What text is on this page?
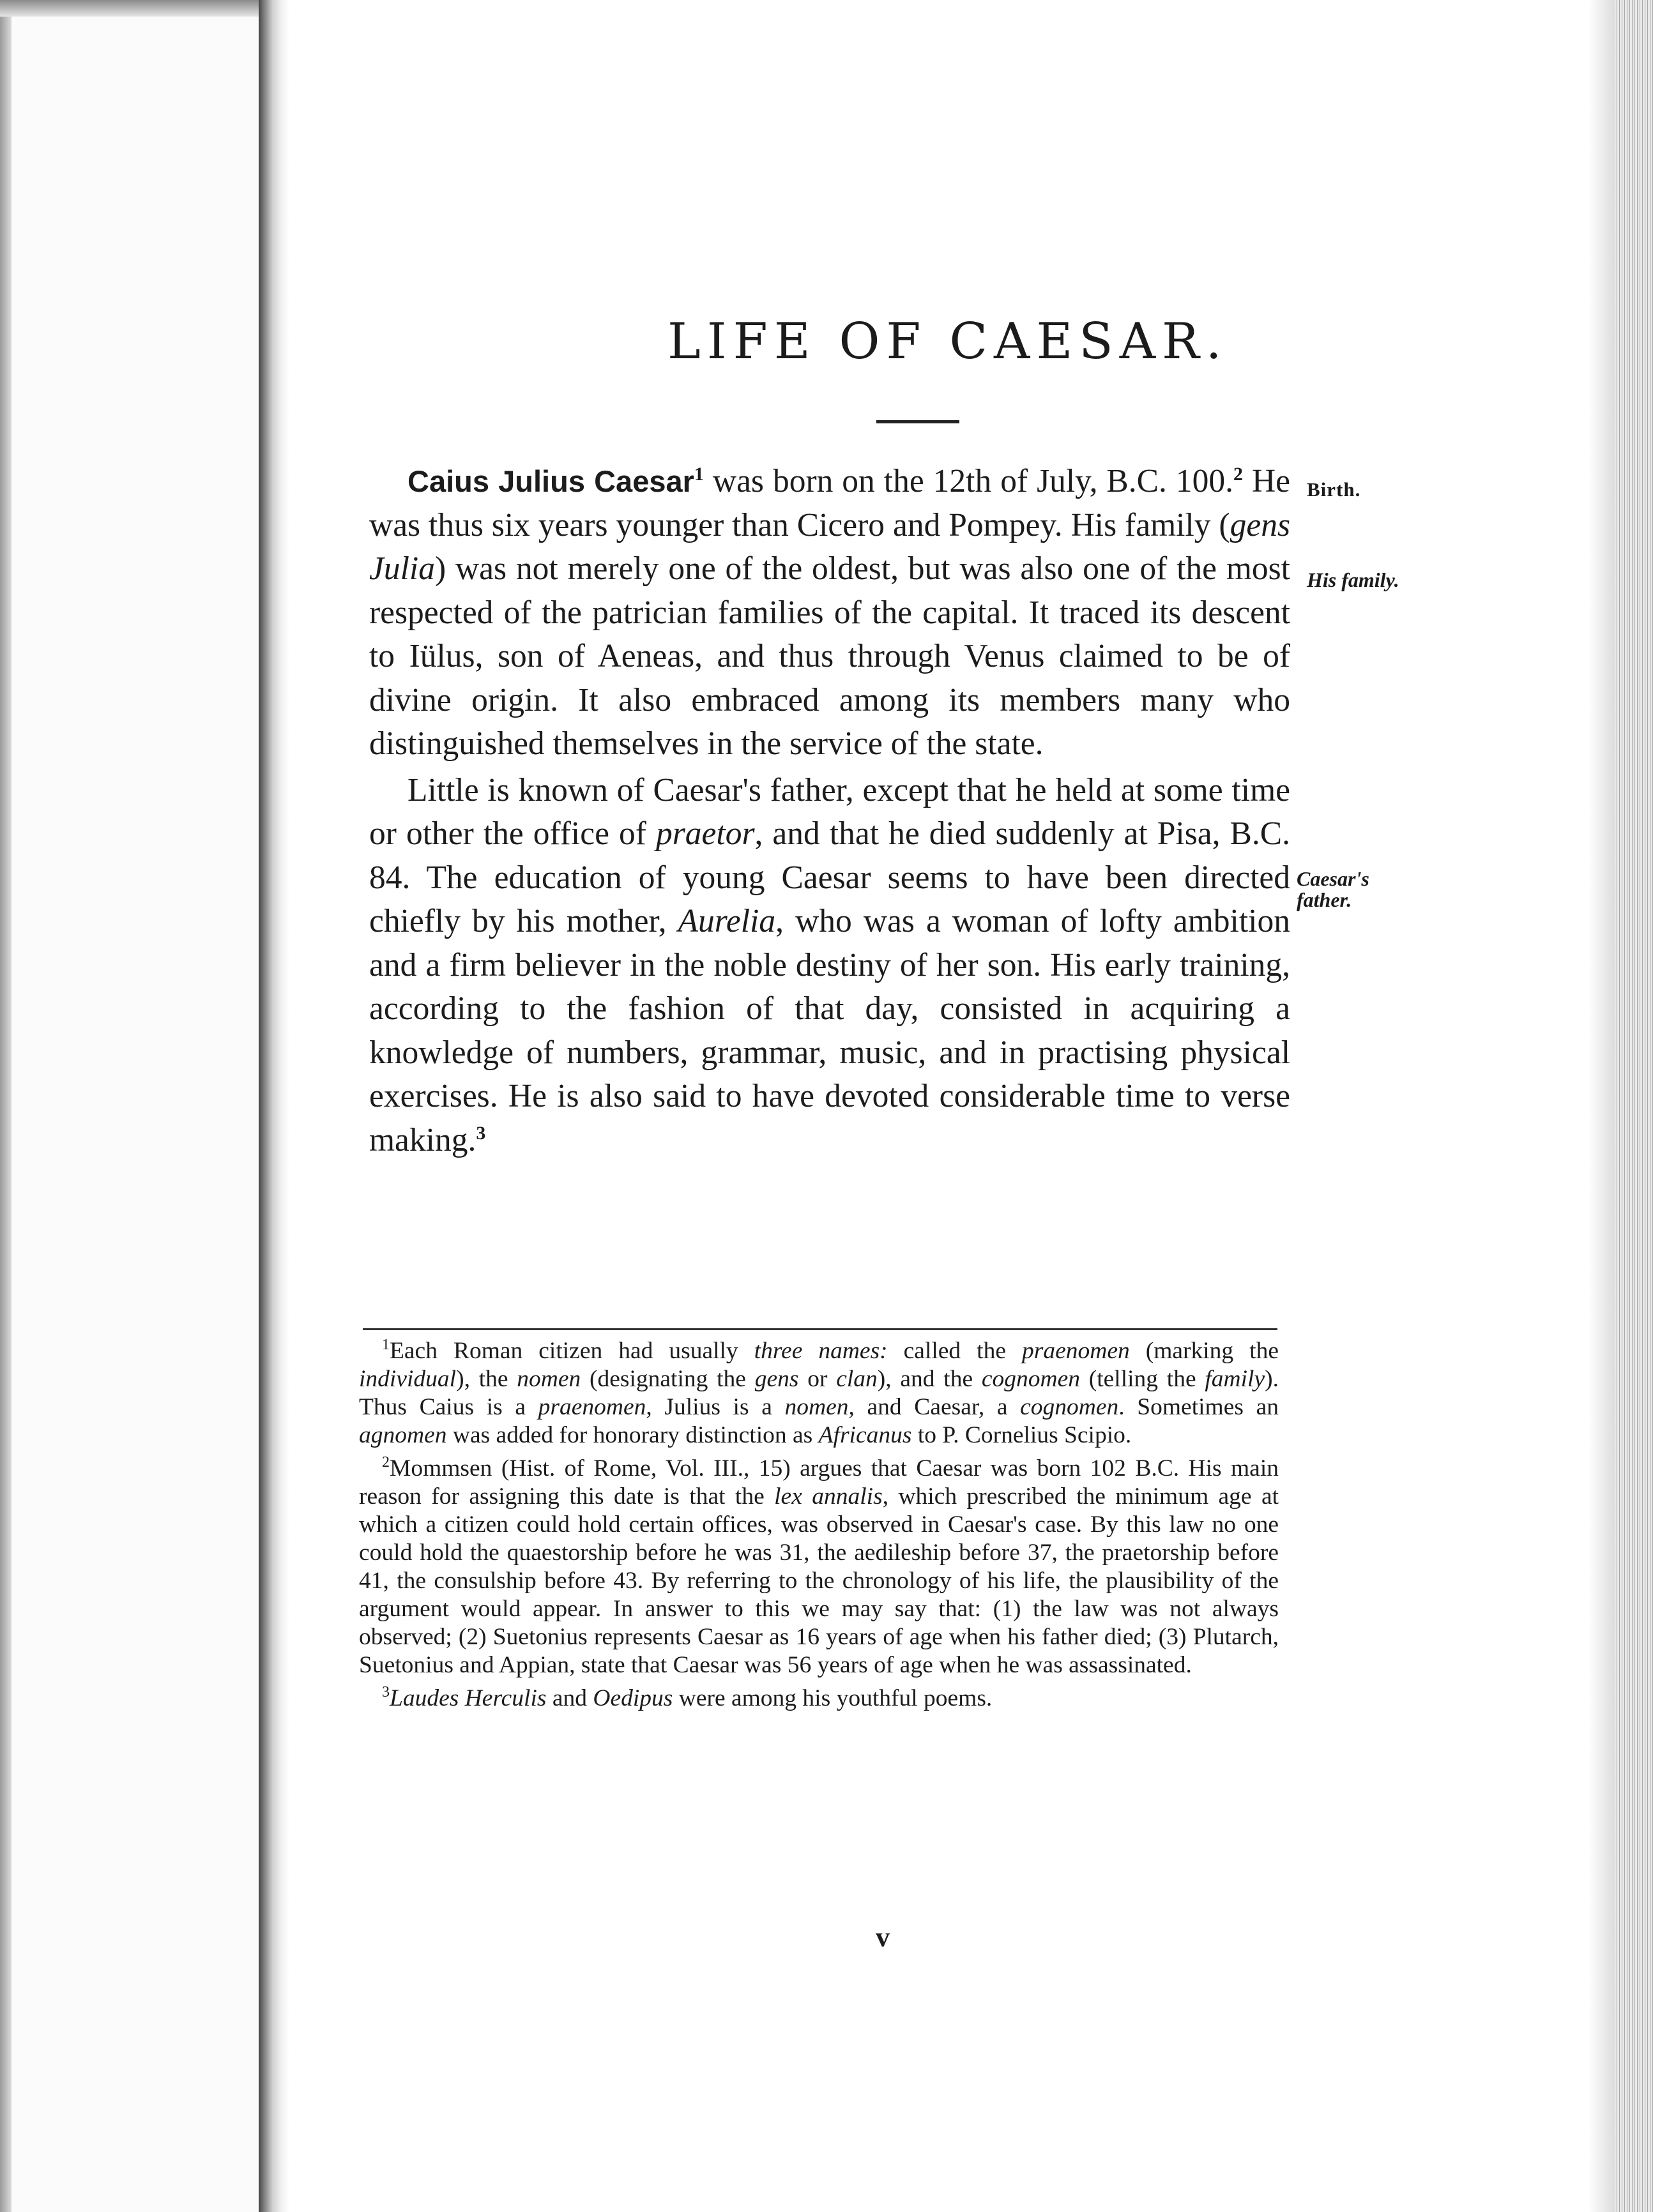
LIFE OF CAESAR.

Caius Julius Caesar$^1$ was born on the 12th of July, B.C. 100.$^2$ He was thus six years younger than Cicero and Pompey. His family (gens Julia) was not merely one of the oldest, but was also one of the most respected of the patrician families of the capital. It traced its descent to Iülus, son of Aeneas, and thus through Venus claimed to be of divine origin. It also embraced among its members many who distinguished themselves in the service of the state.

Little is known of Caesar's father, except that he held at some time or other the office of praetor, and that he died suddenly at Pisa, B.C. 84. The education of young Caesar seems to have been directed chiefly by his mother, Aurelia, who was a woman of lofty ambition and a firm believer in the noble destiny of her son. His early training, according to the fashion of that day, consisted in acquiring a knowledge of numbers, grammar, music, and in practising physical exercises. He is also said to have devoted considerable time to verse making.$^3$

Birth.
His family.
Caesar's father.

$^1$Each Roman citizen had usually three names: called the praenomen (marking the individual), the nomen (designating the gens or clan), and the cognomen (telling the family). Thus Caius is a praenomen, Julius is a nomen, and Caesar, a cognomen. Sometimes an agnomen was added for honorary distinction as Africanus to P. Cornelius Scipio.

$^2$Mommsen (Hist. of Rome, Vol. III., 15) argues that Caesar was born 102 B.C. His main reason for assigning this date is that the lex annalis, which prescribed the minimum age at which a citizen could hold certain offices, was observed in Caesar's case. By this law no one could hold the quaestorship before he was 31, the aedileship before 37, the praetorship before 41, the consulship before 43. By referring to the chronology of his life, the plausibility of the argument would appear. In answer to this we may say that: (1) the law was not always observed; (2) Suetonius represents Caesar as 16 years of age when his father died; (3) Plutarch, Suetonius and Appian, state that Caesar was 56 years of age when he was assassinated.

$^3$Laudes Herculis and Oedipus were among his youthful poems.

v
